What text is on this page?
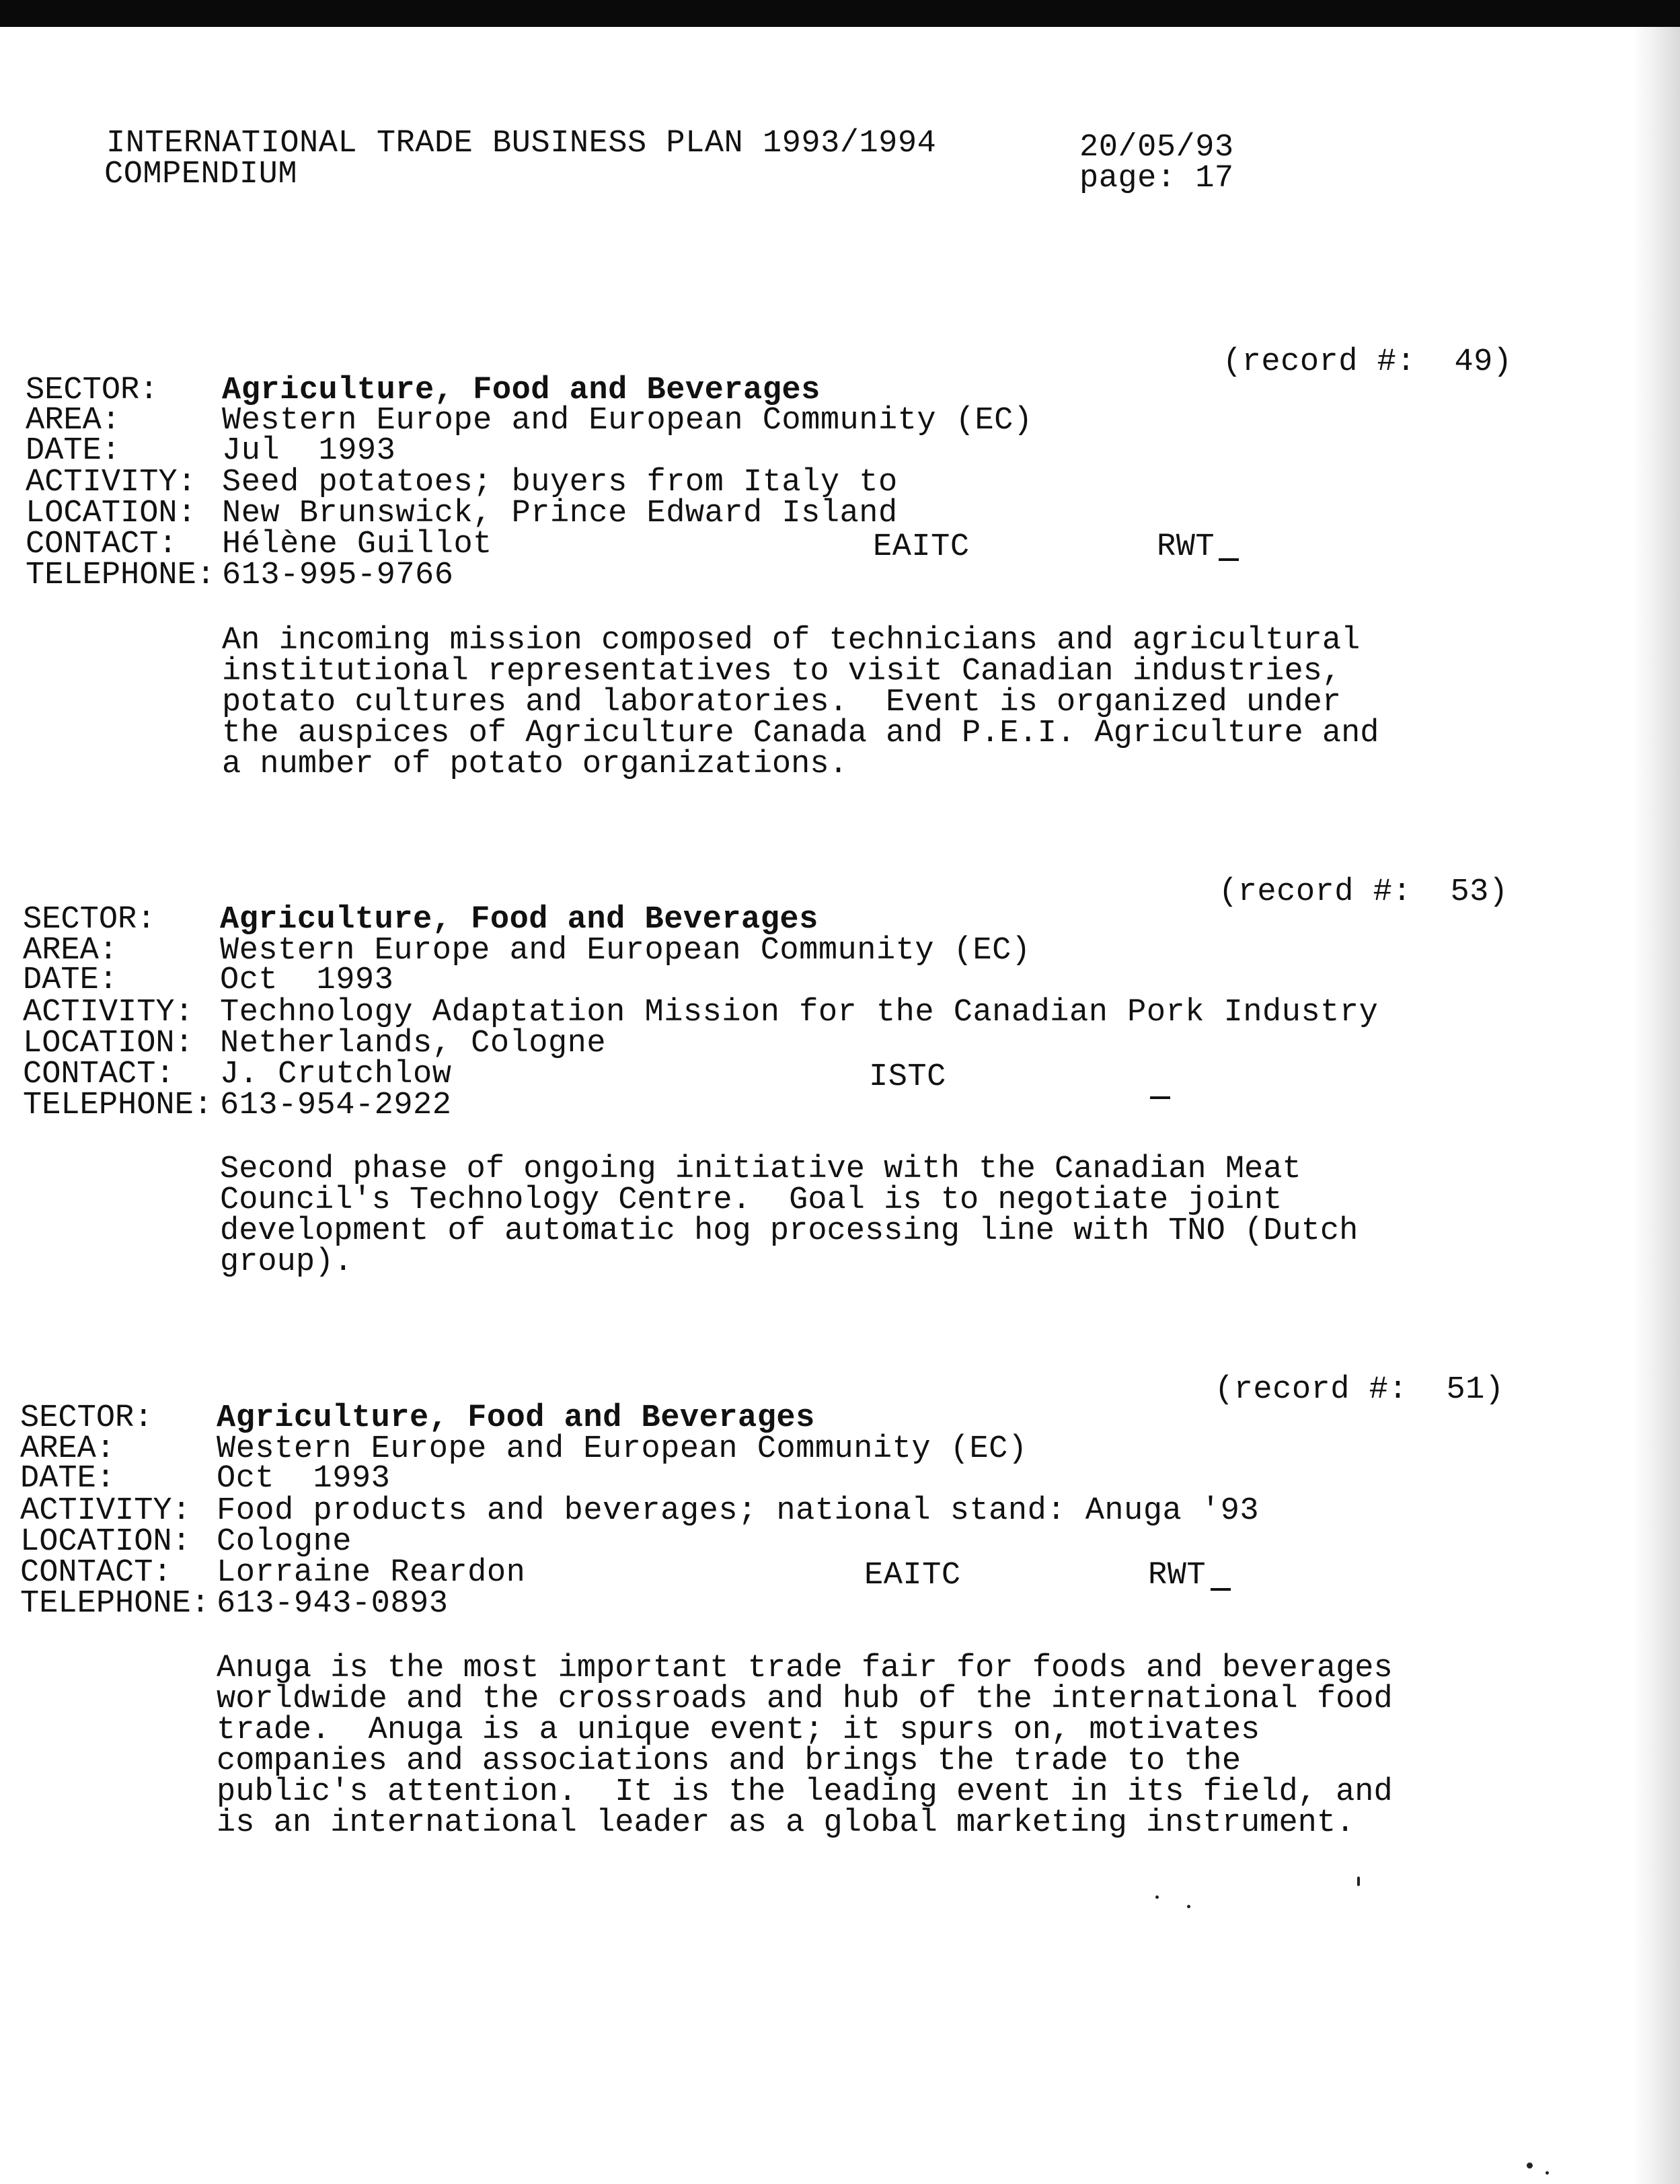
INTERNATIONAL TRADE BUSINESS PLAN 1993/1994
COMPENDIUM
20/05/93
page: 17
(record #:  49)
SECTOR: Agriculture, Food and Beverages
AREA:	Western Europe and European Community (EC)
DATE:	Jul  1993
ACTIVITY: Seed potatoes; buyers from Italy to
LOCATION: New Brunswick, Prince Edward Island
CONTACT: Hélène Guillot	EAITC	RWT
TELEPHONE: 613-995-9766
An incoming mission composed of technicians and agricultural
institutional representatives to visit Canadian industries,
potato cultures and laboratories.  Event is organized under
the auspices of Agriculture Canada and P.E.I. Agriculture and
a number of potato organizations.
(record #:  53)
SECTOR: Agriculture, Food and Beverages
AREA:	Western Europe and European Community (EC)
DATE:	Oct  1993
ACTIVITY: Technology Adaptation Mission for the Canadian Pork Industry
LOCATION: Netherlands, Cologne
CONTACT: J. Crutchlow	ISTC
TELEPHONE: 613-954-2922
Second phase of ongoing initiative with the Canadian Meat
Council's Technology Centre.  Goal is to negotiate joint
development of automatic hog processing line with TNO (Dutch
group).
(record #:  51)
SECTOR: Agriculture, Food and Beverages
AREA:	Western Europe and European Community (EC)
DATE:	Oct  1993
ACTIVITY: Food products and beverages; national stand: Anuga '93
LOCATION: Cologne
CONTACT: Lorraine Reardon	EAITC	RWT
TELEPHONE: 613-943-0893
Anuga is the most important trade fair for foods and beverages
worldwide and the crossroads and hub of the international food
trade.  Anuga is a unique event; it spurs on, motivates
companies and associations and brings the trade to the
public's attention.  It is the leading event in its field, and
is an international leader as a global marketing instrument.
